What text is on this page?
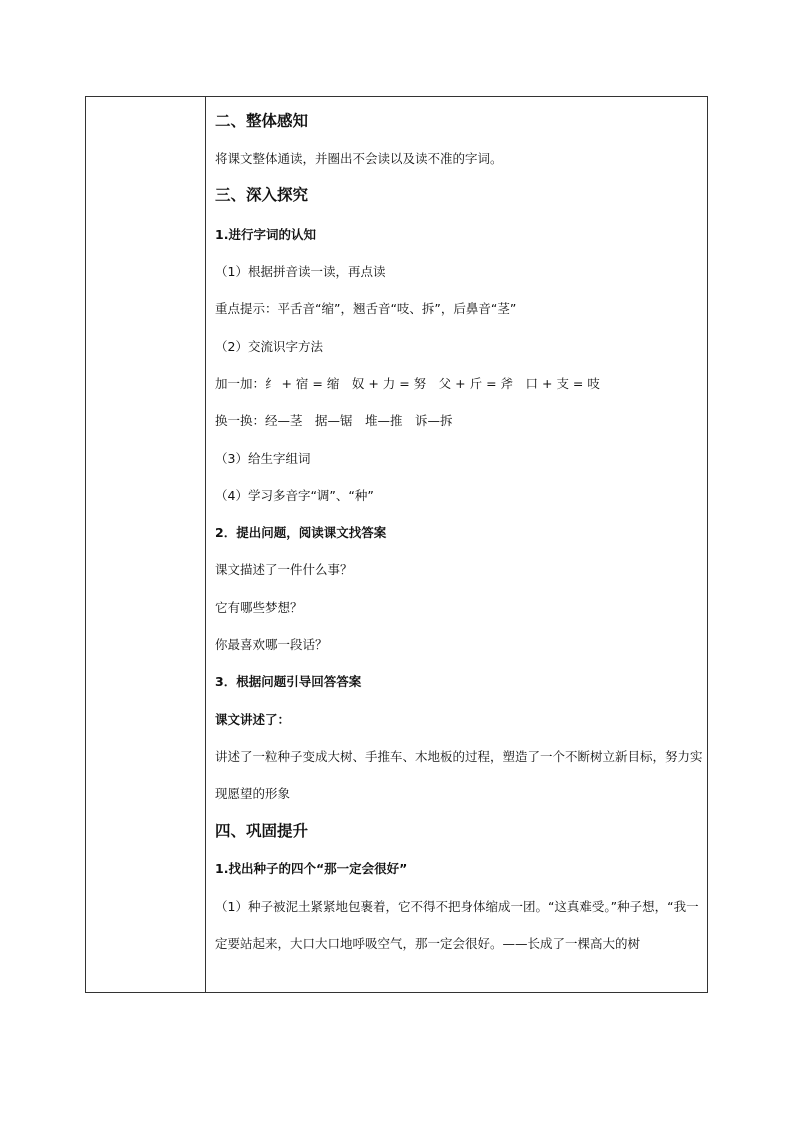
二、整体感知
将课文整体通读，并圈出不会读以及读不准的字词。
三、深入探究
1.进行字词的认知
（1）根据拼音读一读，再点读
重点提示：平舌音“缩”，翘舌音“吱、拆”，后鼻音“茎”
（2）交流识字方法
加一加：纟 + 宿 = 缩　奴 + 力 = 努　父 + 斤 = 斧　口 + 支 = 吱
换一换：经—茎　据—锯　堆—推　诉—拆
（3）给生字组词
（4）学习多音字“调”、“种”
2．提出问题，阅读课文找答案
课文描述了一件什么事？
它有哪些梦想？
你最喜欢哪一段话？
3．根据问题引导回答答案
课文讲述了：
讲述了一粒种子变成大树、手推车、木地板的过程，塑造了一个不断树立新目标，努力实现愿望的形象
四、巩固提升
1.找出种子的四个“那一定会很好”
（1）种子被泥土紧紧地包裹着，它不得不把身体缩成一团。“这真难受。”种子想，“我一定要站起来，大口大口地呼吸空气，那一定会很好。——长成了一棵高大的树
